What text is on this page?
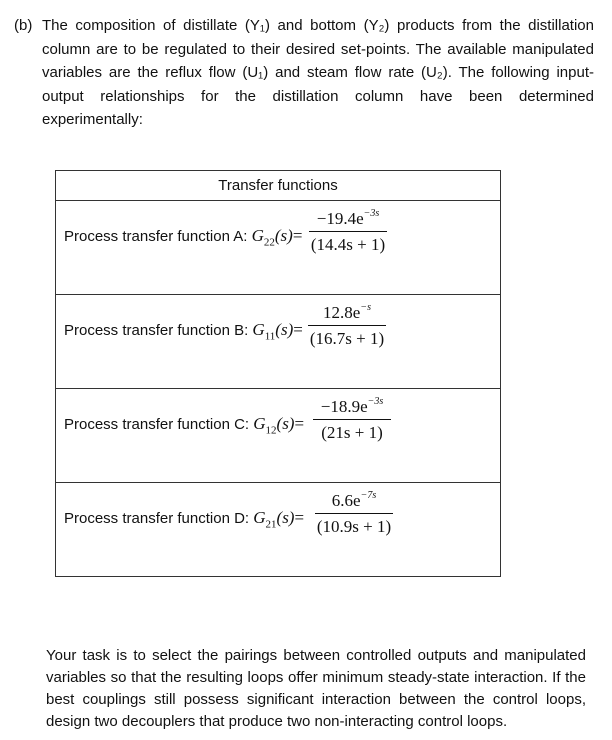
(b) The composition of distillate (Y₁) and bottom (Y₂) products from the distillation column are to be regulated to their desired set-points. The available manipulated variables are the reflux flow (U₁) and steam flow rate (U₂). The following input-output relationships for the distillation column have been determined experimentally:
Transfer functions

Process transfer function A: $G_{22}(s)=$
$-19.4e^{-3s}$
(14.4s + 1)

Process transfer function B: $G_{11}(s)=$
$12.8e^{-s}$
(16.7s + 1)

Process transfer function C: $G_{12}(s)=$
$-18.9e^{-3s}$
(21s + 1)

Process transfer function D: $G_{21}(s)=$
$6.6e^{-7s}$
(10.9s + 1)
Your task is to select the pairings between controlled outputs and manipulated variables so that the resulting loops offer minimum steady-state interaction. If the best couplings still possess significant interaction between the control loops, design two decouplers that produce two non-interacting control loops.
